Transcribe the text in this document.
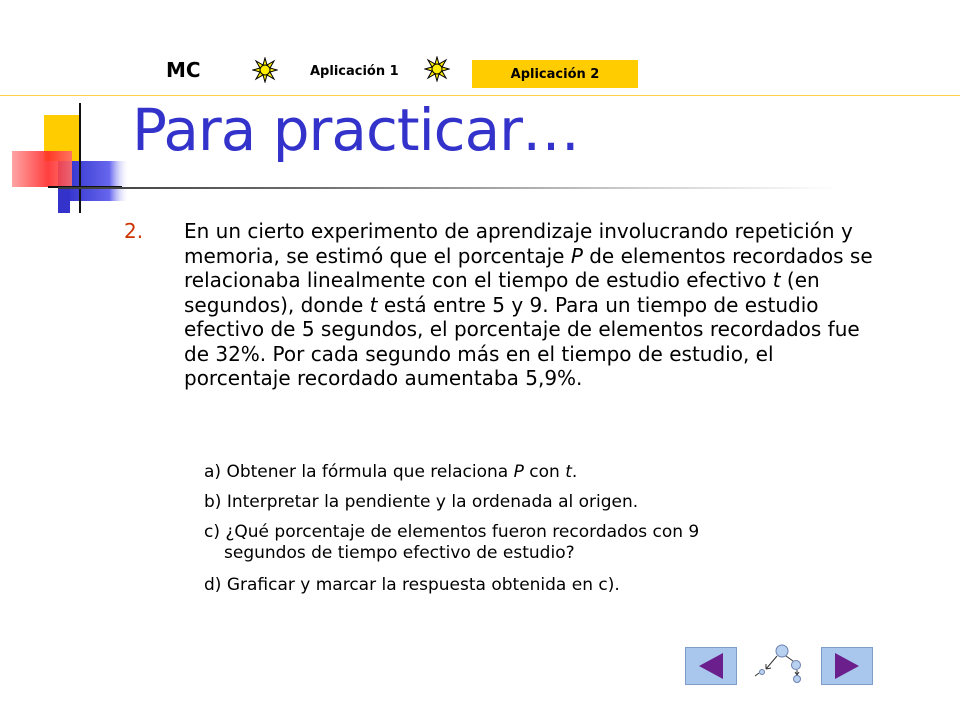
MC	Aplicación 1	Aplicación 2
Para practicar…
2. En un cierto experimento de aprendizaje involucrando repetición y memoria, se estimó que el porcentaje P de elementos recordados se relacionaba linealmente con el tiempo de estudio efectivo t (en segundos), donde t está entre 5 y 9. Para un tiempo de estudio efectivo de 5 segundos, el porcentaje de elementos recordados fue de 32%. Por cada segundo más en el tiempo de estudio, el porcentaje recordado aumentaba 5,9%.
a) Obtener la fórmula que relaciona P con t.
b) Interpretar la pendiente y la ordenada al origen.
c) ¿Qué porcentaje de elementos fueron recordados con 9
segundos de tiempo efectivo de estudio?
d) Graficar y marcar la respuesta obtenida en c).
